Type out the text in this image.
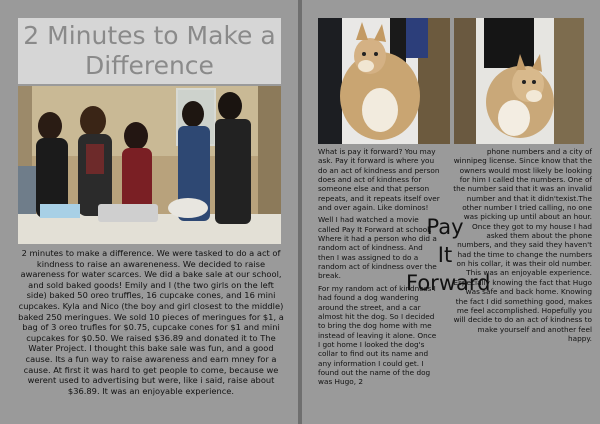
2 Minutes to Make a Difference

2 minutes to make a difference. We were tasked to do a act of kindness to raise an awareneness. We decided to raise awareness for water scarces. We did a bake sale at our school, and sold baked goods! Emily and I (the two girls on the left side) baked 50 oreo truffles, 16 cupcake cones, and 16 mini cupcakes. Kyla and Nico (the boy and girl closest to the middle) baked 250 meringues. We sold 10 pieces of meringues for $1, a bag of 3 oreo trufles for $0.75, cupcake cones for $1 and mini cupcakes for $0.50. We raised $36.89 and donated it to The Water Project. I thought this bake sale was fun, and a good cause. Its a fun way to raise awareness and earn mney for a cause. At first it was hard to get people to come, because we werent used to advertising but were, like i said, raise about $36.89. It was an enjoyable experience.

What is pay it forward? You may ask. Pay it forward is where you do an act of kindness and person does and act of kindness for someone else and that person repeats, and it repeats itself over and over again. Like dominos!

Well I had watched a movie called Pay It Forward at school. Where it had a person who did a random act of kindness. And then I was assigned to do a random act of kindness over the break.

For my random act of kindness I had found a dog wandering around the street, and a car almost hit the dog. So I decided to bring the dog home with me instead of leaving it alone. Once I got home I looked the dog's collar to find out its name and any information I could get. I found out the name of the dog was Hugo, 2

Pay
It
Forward

phone numbers and a city of winnipeg license. Since know that the owners would most likely be looking for him I called the numbers. One of the number said that it was an invalid number and that it didn'texist.The other number I tried calling, no one was picking up until about an hour. Once they got to my house I had asked them about the phone numbers, and they said they haven't had the time to change the numbers on his collar, it was their old number. This was an enjoyable experience. Especially knowing the fact that Hugo was safe and back home. Knowing the fact I did something good, makes me feel accomplished. Hopefully you will decide to do an act of kindness to make yourself and another feel happy.
